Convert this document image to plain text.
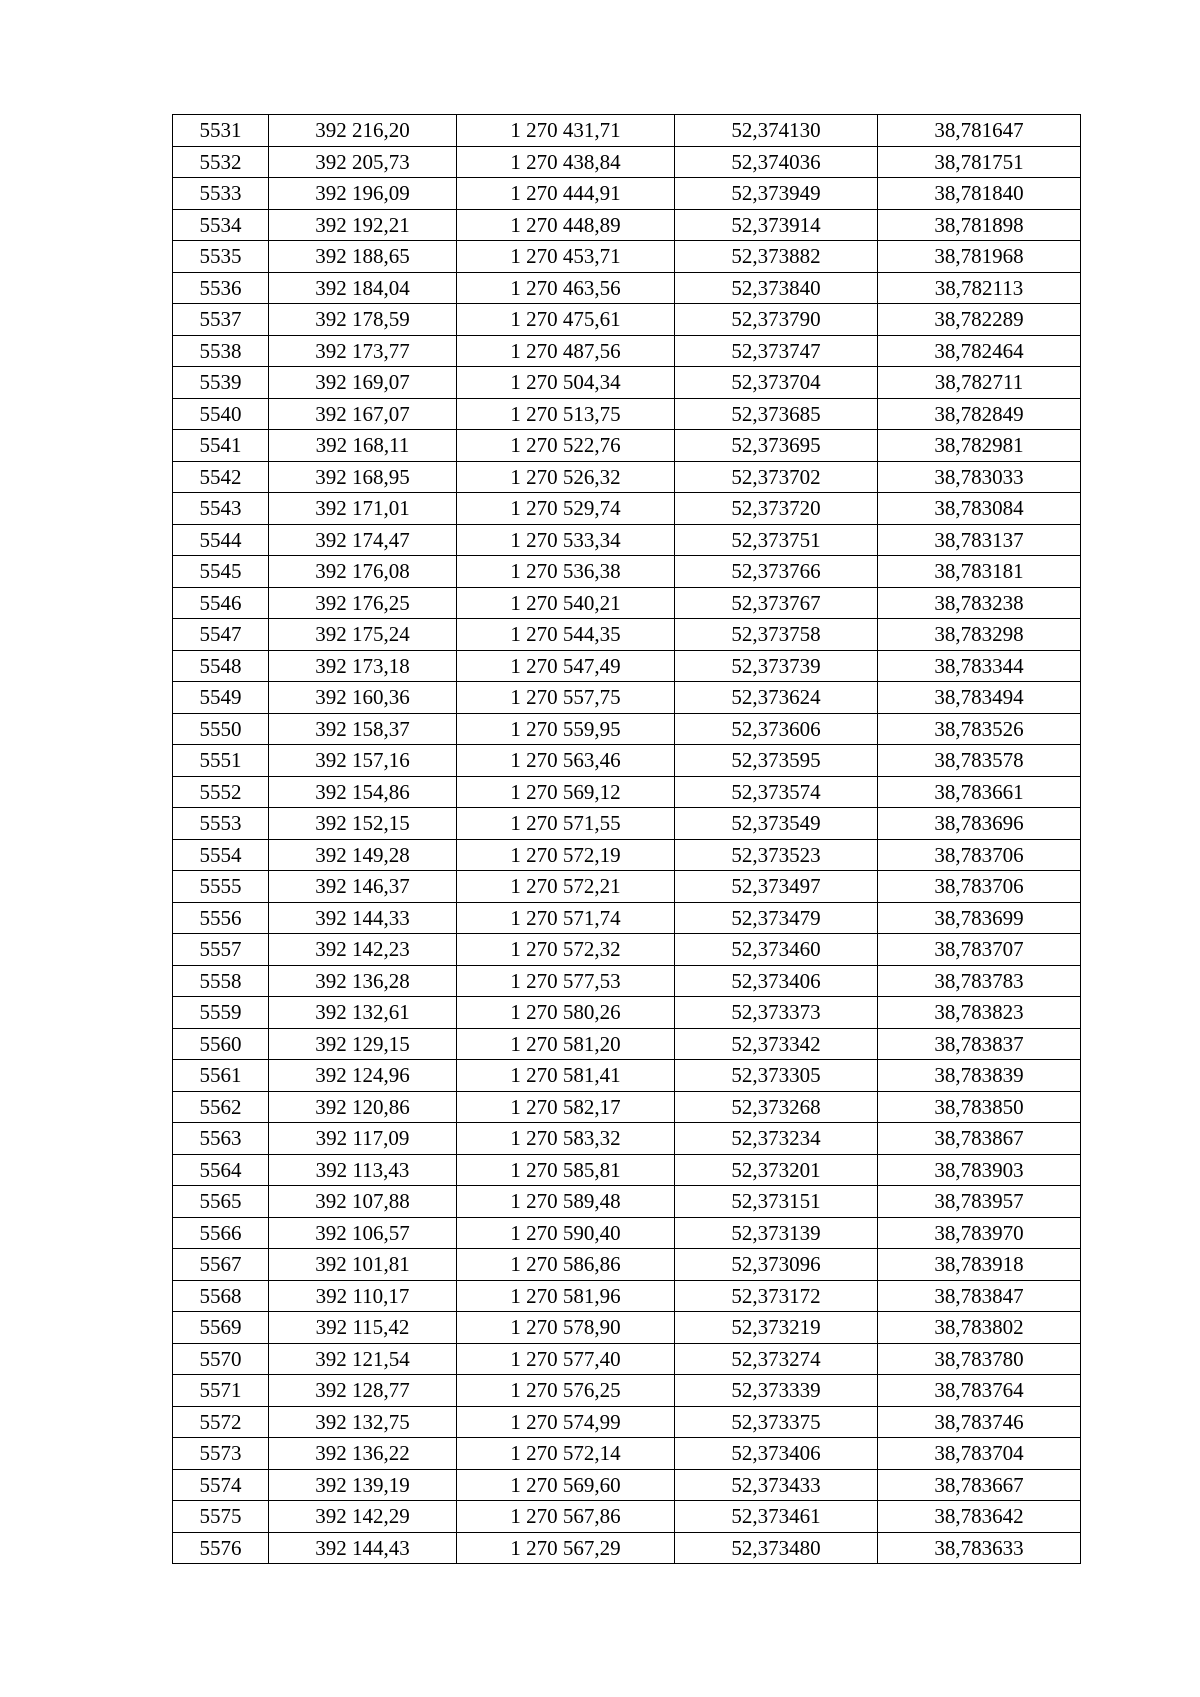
5531	392 216,20	1 270 431,71	52,374130	38,781647
5532	392 205,73	1 270 438,84	52,374036	38,781751
5533	392 196,09	1 270 444,91	52,373949	38,781840
5534	392 192,21	1 270 448,89	52,373914	38,781898
5535	392 188,65	1 270 453,71	52,373882	38,781968
5536	392 184,04	1 270 463,56	52,373840	38,782113
5537	392 178,59	1 270 475,61	52,373790	38,782289
5538	392 173,77	1 270 487,56	52,373747	38,782464
5539	392 169,07	1 270 504,34	52,373704	38,782711
5540	392 167,07	1 270 513,75	52,373685	38,782849
5541	392 168,11	1 270 522,76	52,373695	38,782981
5542	392 168,95	1 270 526,32	52,373702	38,783033
5543	392 171,01	1 270 529,74	52,373720	38,783084
5544	392 174,47	1 270 533,34	52,373751	38,783137
5545	392 176,08	1 270 536,38	52,373766	38,783181
5546	392 176,25	1 270 540,21	52,373767	38,783238
5547	392 175,24	1 270 544,35	52,373758	38,783298
5548	392 173,18	1 270 547,49	52,373739	38,783344
5549	392 160,36	1 270 557,75	52,373624	38,783494
5550	392 158,37	1 270 559,95	52,373606	38,783526
5551	392 157,16	1 270 563,46	52,373595	38,783578
5552	392 154,86	1 270 569,12	52,373574	38,783661
5553	392 152,15	1 270 571,55	52,373549	38,783696
5554	392 149,28	1 270 572,19	52,373523	38,783706
5555	392 146,37	1 270 572,21	52,373497	38,783706
5556	392 144,33	1 270 571,74	52,373479	38,783699
5557	392 142,23	1 270 572,32	52,373460	38,783707
5558	392 136,28	1 270 577,53	52,373406	38,783783
5559	392 132,61	1 270 580,26	52,373373	38,783823
5560	392 129,15	1 270 581,20	52,373342	38,783837
5561	392 124,96	1 270 581,41	52,373305	38,783839
5562	392 120,86	1 270 582,17	52,373268	38,783850
5563	392 117,09	1 270 583,32	52,373234	38,783867
5564	392 113,43	1 270 585,81	52,373201	38,783903
5565	392 107,88	1 270 589,48	52,373151	38,783957
5566	392 106,57	1 270 590,40	52,373139	38,783970
5567	392 101,81	1 270 586,86	52,373096	38,783918
5568	392 110,17	1 270 581,96	52,373172	38,783847
5569	392 115,42	1 270 578,90	52,373219	38,783802
5570	392 121,54	1 270 577,40	52,373274	38,783780
5571	392 128,77	1 270 576,25	52,373339	38,783764
5572	392 132,75	1 270 574,99	52,373375	38,783746
5573	392 136,22	1 270 572,14	52,373406	38,783704
5574	392 139,19	1 270 569,60	52,373433	38,783667
5575	392 142,29	1 270 567,86	52,373461	38,783642
5576	392 144,43	1 270 567,29	52,373480	38,783633
